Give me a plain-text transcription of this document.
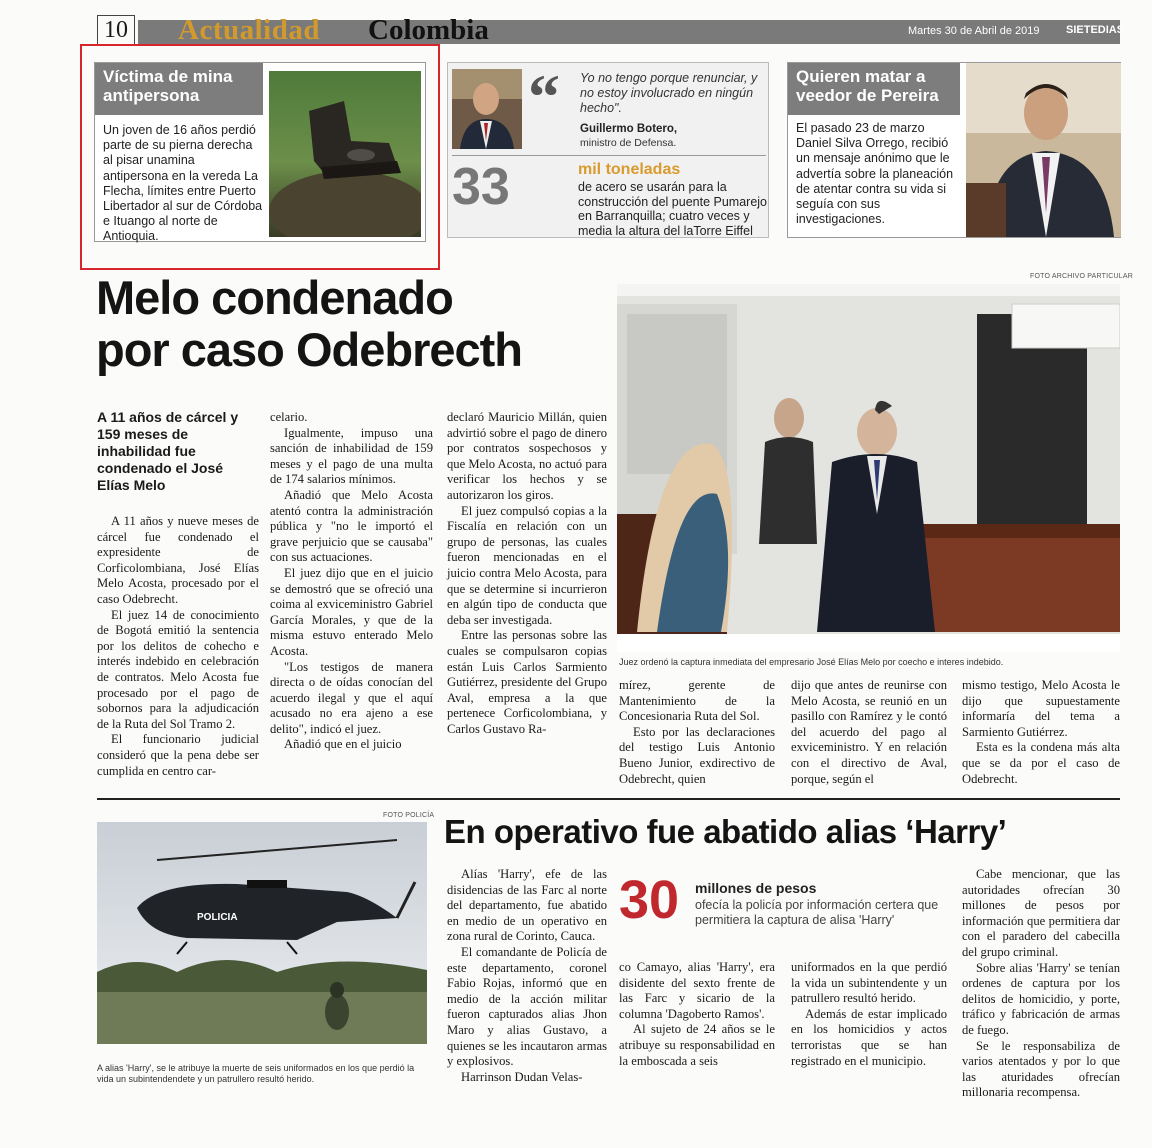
10 Actualidad Colombia	Martes 30 de Abril de 2019 SIETEDIAS
Víctima de mina
antipersona
Un joven de 16 años perdió parte de su pierna derecha al pisar unamina antipersona en la vereda La Flecha, límites entre Puerto Libertador al sur de Córdoba e Ituango al norte de Antioquia.
“ Yo no tengo porque renunciar, y no estoy involucrado en ningún hecho".
Guillermo Botero,
ministro de Defensa.
33	mil toneladas
de acero se usarán para la construcción del puente Pumarejo en Barranquilla; cuatro veces y media la altura del laTorre Eiffel
Quieren matar a
veedor de Pereira
El pasado 23 de marzo Daniel Silva Orrego, recibió un mensaje anónimo que le advertía sobre la planeación de atentar contra su vida si seguía con sus investigaciones.
Melo condenado
por caso Odebrecth
FOTO ARCHIVO PARTICULAR
Juez ordenó la captura inmediata del empresario José Elías Melo por coecho e interes indebido.
A 11 años de cárcel y 159 meses de inhabilidad fue condenado el José Elías Melo

A 11 años y nueve meses de cárcel fue condenado el expresidente de Corficolombiana, José Elías Melo Acosta, procesado por el caso Odebrecht.

El juez 14 de conocimiento de Bogotá emitió la sentencia por los delitos de cohecho e interés indebido en celebración de contratos. Melo Acosta fue procesado por el pago de sobornos para la adjudicación de la Ruta del Sol Tramo 2.

El funcionario judicial consideró que la pena debe ser cumplida en centro car-

celario.

Igualmente, impuso una sanción de inhabilidad de 159 meses y el pago de una multa de 174 salarios mínimos.

Añadió que Melo Acosta atentó contra la administración pública y "no le importó el grave perjuicio que se causaba" con sus actuaciones.

El juez dijo que en el juicio se demostró que se ofreció una coima al exviceministro Gabriel García Morales, y que de la misma estuvo enterado Melo Acosta.

"Los testigos de manera directa o de oídas conocían del acuerdo ilegal y que el aquí acusado no era ajeno a ese delito", indicó el juez.

Añadió que en el juicio

declaró Mauricio Millán, quien advirtió sobre el pago de dinero por contratos sospechosos y que Melo Acosta, no actuó para verificar los hechos y se autorizaron los giros.

El juez compulsó copias a la Fiscalía en relación con un grupo de personas, las cuales fueron mencionadas en el juicio contra Melo Acosta, para que se determine si incurrieron en algún tipo de conducta que deba ser investigada.

Entre las personas sobre las cuales se compulsaron copias están Luis Carlos Sarmiento Gutiérrez, presidente del Grupo Aval, empresa a la que pertenece Corficolombiana, y Carlos Gustavo Ra-

mírez, gerente de Mantenimiento de la Concesionaria Ruta del Sol.

Esto por las declaraciones del testigo Luis Antonio Bueno Junior, exdirectivo de Odebrecht, quien

dijo que antes de reunirse con Melo Acosta, se reunió en un pasillo con Ramírez y le contó del acuerdo del pago al exviceministro. Y en relación con el directivo de Aval, porque, según el

mismo testigo, Melo Acosta le dijo que supuestamente informaría del tema a Sarmiento Gutiérrez.

Esta es la condena más alta que se da por el caso de Odebrecht.

FOTO POLICÍA
POLICIA
A alias 'Harry', se le atribuye la muerte de seis uniformados en los que perdió la vida un subintendendete y un patrullero resultó herido.
En operativo fue abatido alias ‘Harry’

Alías 'Harry', efe de las disidencias de las Farc al norte del departamento, fue abatido en medio de un operativo en zona rural de Corinto, Cauca.

El comandante de Policía de este departamento, coronel Fabio Rojas, informó que en medio de la acción militar fueron capturados alias Jhon Maro y alias Gustavo, a quienes se les incautaron armas y explosivos.

Harrinson Dudan Velas-

30 millones de pesos
ofecía la policía por información certera que permitiera la captura de alisa 'Harry'

co Camayo, alias 'Harry', era disidente del sexto frente de las Farc y sicario de la columna 'Dagoberto Ramos'.

Al sujeto de 24 años se le atribuye su responsabilidad en la emboscada a seis

uniformados en la que perdió la vida un subintendente y un patrullero resultó herido.

Además de estar implicado en los homicidios y actos terroristas que se han registrado en el municipio.

Cabe mencionar, que las autoridades ofrecían 30 millones de pesos por información que permitiera dar con el paradero del cabecilla del grupo criminal.

Sobre alias 'Harry' se tenían ordenes de captura por los delitos de homicidio, y porte, tráfico y fabricación de armas de fuego.

Se le responsabiliza de varios atentados y por lo que las aturidades ofrecían millonaria recompensa.
